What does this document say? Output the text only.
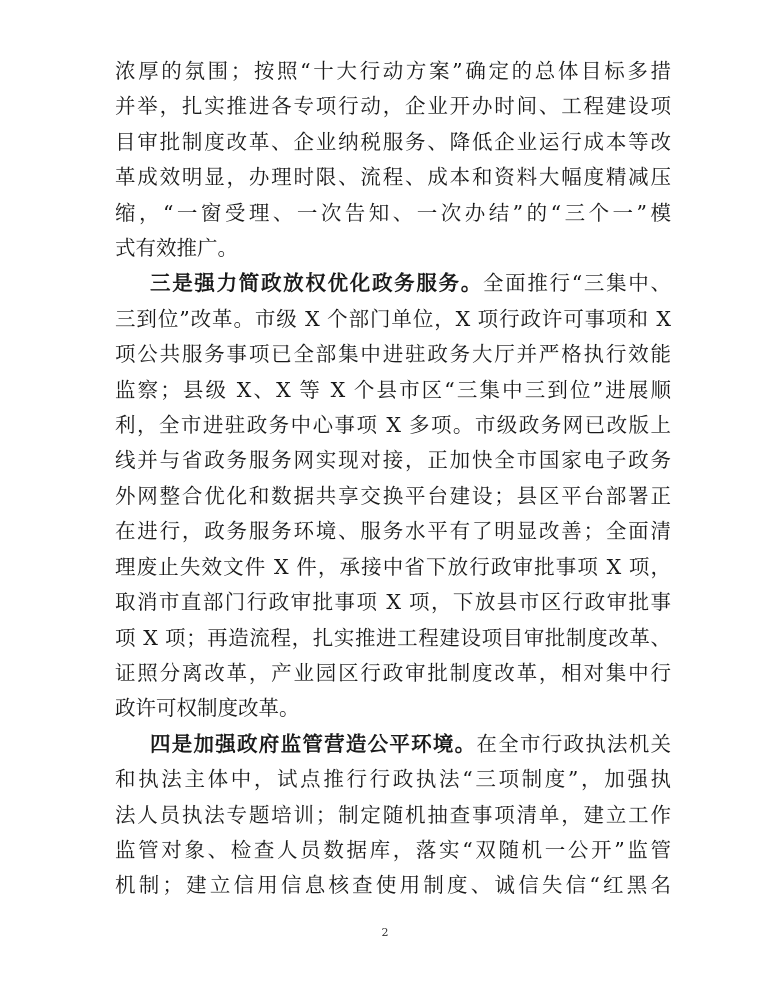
浓厚的氛围；按照“十大行动方案”确定的总体目标多措
并举，扎实推进各专项行动，企业开办时间、工程建设项
目审批制度改革、企业纳税服务、降低企业运行成本等改
革成效明显，办理时限、流程、成本和资料大幅度精减压
缩，“一窗受理、一次告知、一次办结”的“三个一”模
式有效推广。

三是强力简政放权优化政务服务。全面推行“三集中、
三到位”改革。市级 X 个部门单位，X 项行政许可事项和 X
项公共服务事项已全部集中进驻政务大厅并严格执行效能
监察；县级 X、X 等 X 个县市区“三集中三到位”进展顺
利，全市进驻政务中心事项 X 多项。市级政务网已改版上
线并与省政务服务网实现对接，正加快全市国家电子政务
外网整合优化和数据共享交换平台建设；县区平台部署正
在进行，政务服务环境、服务水平有了明显改善；全面清
理废止失效文件 X 件，承接中省下放行政审批事项 X 项，
取消市直部门行政审批事项 X 项，下放县市区行政审批事
项 X 项；再造流程，扎实推进工程建设项目审批制度改革、
证照分离改革，产业园区行政审批制度改革，相对集中行
政许可权制度改革。

四是加强政府监管营造公平环境。在全市行政执法机关
和执法主体中，试点推行行政执法“三项制度”，加强执
法人员执法专题培训；制定随机抽查事项清单，建立工作
监管对象、检查人员数据库，落实“双随机一公开”监管
机制；建立信用信息核查使用制度、诚信失信“红黑名

2
